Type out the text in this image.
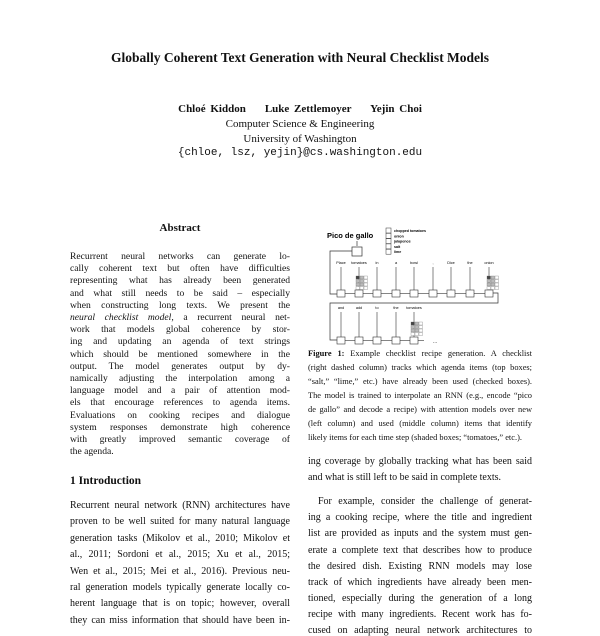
Globally Coherent Text Generation with Neural Checklist Models
Chloé Kiddon Luke Zettlemoyer Yejin Choi
Computer Science & Engineering
University of Washington
{chloe, lsz, yejin}@cs.washington.edu
Abstract
Recurrent neural networks can generate lo-
cally coherent text but often have difficulties
representing what has already been generated
and what still needs to be said – especially
when constructing long texts. We present the
neural checklist model, a recurrent neural net-
work that models global coherence by stor-
ing and updating an agenda of text strings
which should be mentioned somewhere in the
output. The model generates output by dy-
namically adjusting the interpolation among a
language model and a pair of attention mod-
els that encourage references to agenda items.
Evaluations on cooking recipes and dialogue
system responses demonstrate high coherence
with greatly improved semantic coverage of
the agenda.
1 Introduction
Recurrent neural network (RNN) architectures have
proven to be well suited for many natural language
generation tasks (Mikolov et al., 2010; Mikolov et
al., 2011; Sordoni et al., 2015; Xu et al., 2015;
Wen et al., 2015; Mei et al., 2016). Previous neu-
ral generation models typically generate locally co-
herent language that is on topic; however, overall
they can miss information that should have been in-
ing coverage by globally tracking what has been said
and what is still left to be said in complete texts.
For example, consider the challenge of generat-
ing a cooking recipe, where the title and ingredient
list are provided as inputs and the system must gen-
erate a complete text that describes how to produce
the desired dish. Existing RNN models may lose
track of which ingredients have already been men-
tioned, especially during the generation of a long
recipe with many ingredients. Recent work has fo-
cused on adapting neural network architectures to
Pico de gallo	chopped tomatoes
onion
jalapenos
salt
lime
Place tomatoes in	a	bowl	,	Dice	the	onion
and	add	to	the tomatoes
...
Figure 1: Example checklist recipe generation. A checklist
(right dashed column) tracks which agenda items (top boxes;
“salt,” “lime,” etc.) have already been used (checked boxes).
The model is trained to interpolate an RNN (e.g., encode “pico
de gallo” and decode a recipe) with attention models over new
(left column) and used (middle column) items that identify
likely items for each time step (shaded boxes; “tomatoes,” etc.).
